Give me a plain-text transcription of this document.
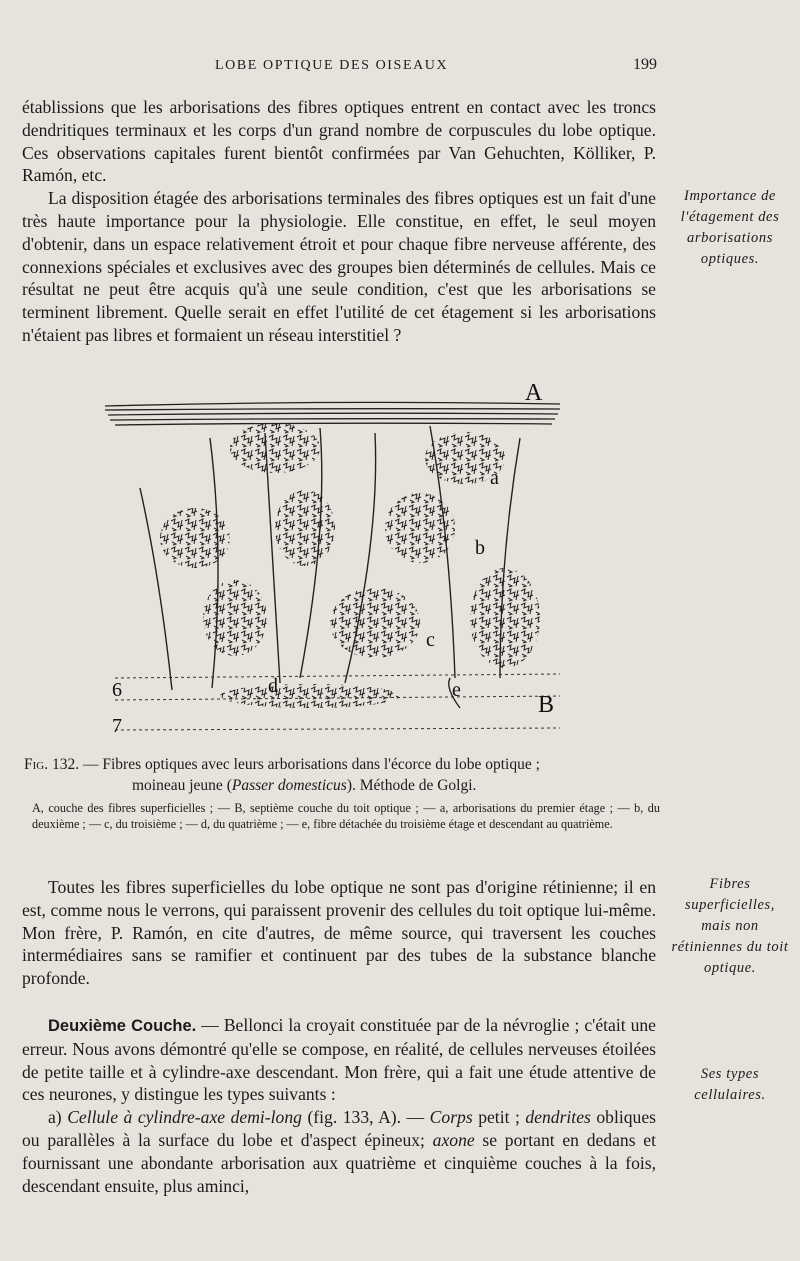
LOBE OPTIQUE DES OISEAUX	199

établissions que les arborisations des fibres optiques entrent en contact avec les troncs dendritiques terminaux et les corps d'un grand nombre de corpuscules du lobe optique. Ces observations capitales furent bientôt confirmées par Van Gehuchten, Kölliker, P. Ramón, etc.

La disposition étagée des arborisations terminales des fibres optiques est un fait d'une très haute importance pour la physiologie. Elle constitue, en effet, le seul moyen d'obtenir, dans un espace relativement étroit et pour chaque fibre nerveuse afférente, des connexions spéciales et exclusives avec des groupes bien déterminés de cellules. Mais ce résultat ne peut être acquis qu'à une seule condition, c'est que les arborisations se terminent librement. Quelle serait en effet l'utilité de cet étagement si les arborisations n'étaient pas libres et formaient un réseau interstitiel ?

Importance de l'étagement des arborisations optiques.
A
a
b
c
d	e
B
6
7
Fig. 132. — Fibres optiques avec leurs arborisations dans l'écorce du lobe optique ;
moineau jeune (Passer domesticus). Méthode de Golgi.
A, couche des fibres superficielles ; — B, septième couche du toit optique ; — a, arborisations du premier étage ; — b, du deuxième ; — c, du troisième ; — d, du quatrième ; — e, fibre détachée du troisième étage et descendant au quatrième.

Toutes les fibres superficielles du lobe optique ne sont pas d'origine rétinienne; il en est, comme nous le verrons, qui paraissent provenir des cellules du toit optique lui-même. Mon frère, P. Ramón, en cite d'autres, de même source, qui traversent les couches intermédiaires sans se ramifier et continuent par des tubes de la substance blanche profonde.

Fibres superficielles, mais non rétiniennes du toit optique.

Deuxième Couche. — Bellonci la croyait constituée par de la névroglie ; c'était une erreur. Nous avons démontré qu'elle se compose, en réalité, de cellules nerveuses étoilées de petite taille et à cylindre-axe descendant. Mon frère, qui a fait une étude attentive de ces neurones, y distingue les types suivants :

a) Cellule à cylindre-axe demi-long (fig. 133, A). — Corps petit ; dendrites obliques ou parallèles à la surface du lobe et d'aspect épineux; axone se portant en dedans et fournissant une abondante arborisation aux quatrième et cinquième couches à la fois, descendant ensuite, plus aminci,

Ses types cellulaires.
